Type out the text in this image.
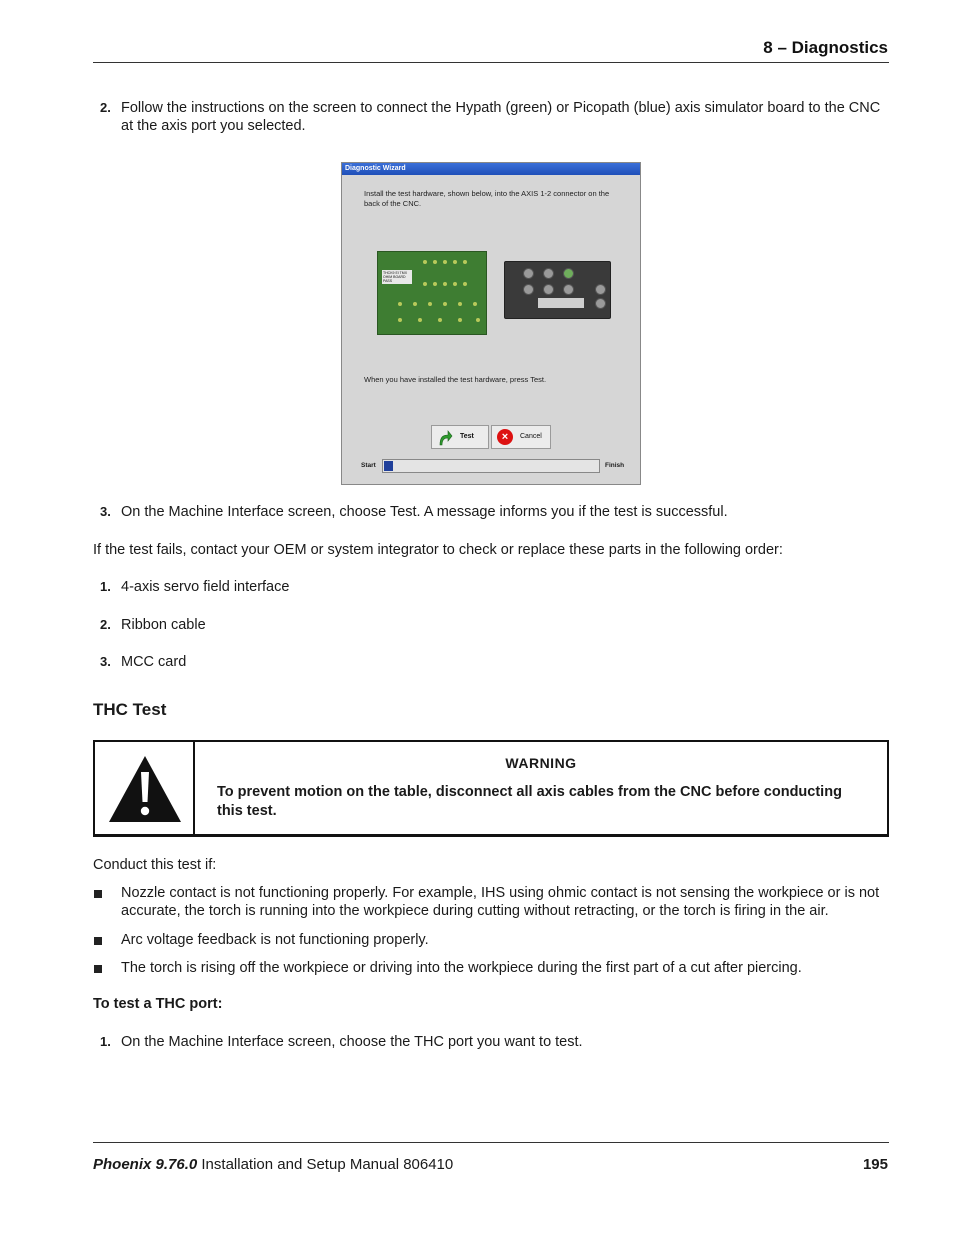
8 – Diagnostics
2. Follow the instructions on the screen to connect the Hypath (green) or Picopath (blue) axis simulator board to the CNC at the axis port you selected.
Diagnostic Wizard
Install the test hardware, shown below, into the AXIS 1-2 connector on the back of the CNC.
THCK9 EI TMX OHIM BOARD PASS
When you have installed the test hardware, press Test.
Test	×	Cancel
Start	Finish
3. On the Machine Interface screen, choose Test. A message informs you if the test is successful.
If the test fails, contact your OEM or system integrator to check or replace these parts in the following order:
1. 4-axis servo field interface
2. Ribbon cable
3. MCC card
THC Test
WARNING
To prevent motion on the table, disconnect all axis cables from the CNC before conducting this test.
Conduct this test if:
Nozzle contact is not functioning properly. For example, IHS using ohmic contact is not sensing the workpiece or is not accurate, the torch is running into the workpiece during cutting without retracting, or the torch is firing in the air.
Arc voltage feedback is not functioning properly.
The torch is rising off the workpiece or driving into the workpiece during the first part of a cut after piercing.
To test a THC port:
1. On the Machine Interface screen, choose the THC port you want to test.
Phoenix 9.76.0 Installation and Setup Manual 806410	195
